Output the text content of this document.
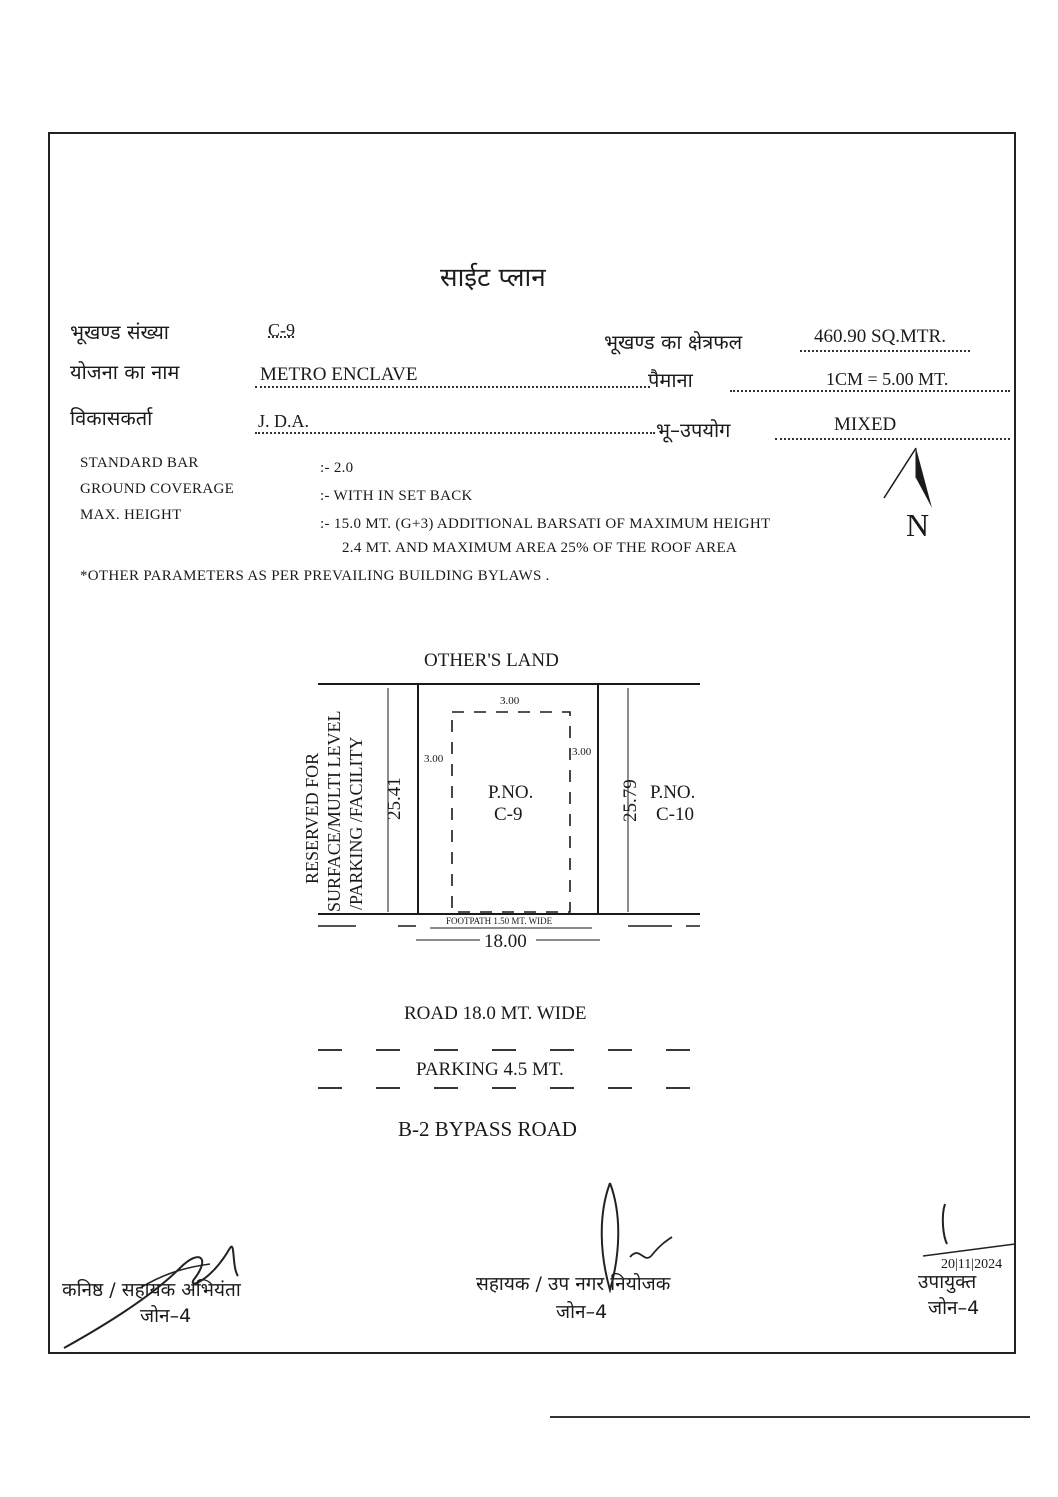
साईट प्लान
भूखण्ड संख्या	C-9	भूखण्ड का क्षेत्रफल	460.90 SQ.MTR.
योजना का नाम	METRO ENCLAVE	पैमाना	1CM = 5.00 MT.
विकासकर्ता	J. D.A.	भू–उपयोग	MIXED
STANDARD BAR	:- 2.0
GROUND COVERAGE	:- WITH IN SET BACK
MAX. HEIGHT
:- 15.0 MT. (G+3) ADDITIONAL BARSATI OF MAXIMUM HEIGHT
2.4 MT. AND MAXIMUM AREA 25% OF THE ROOF AREA
*OTHER PARAMETERS AS PER PREVAILING BUILDING BYLAWS .
N
OTHER'S LAND
3.00
3.00
3.00
P.NO.
C-9
P.NO.
C-10
RESERVED FOR SURFACE/MULTI LEVEL /PARKING /FACILITY 25.41	25.79
FOOTPATH 1.50 MT. WIDE
18.00
ROAD 18.0 MT. WIDE
PARKING 4.5 MT.
B-2 BYPASS ROAD
कनिष्ठ / सहायक अभियंता
जोन–4
सहायक / उप नगर नियोजक
जोन–4
उपायुक्त
जोन–4
20|11|2024
